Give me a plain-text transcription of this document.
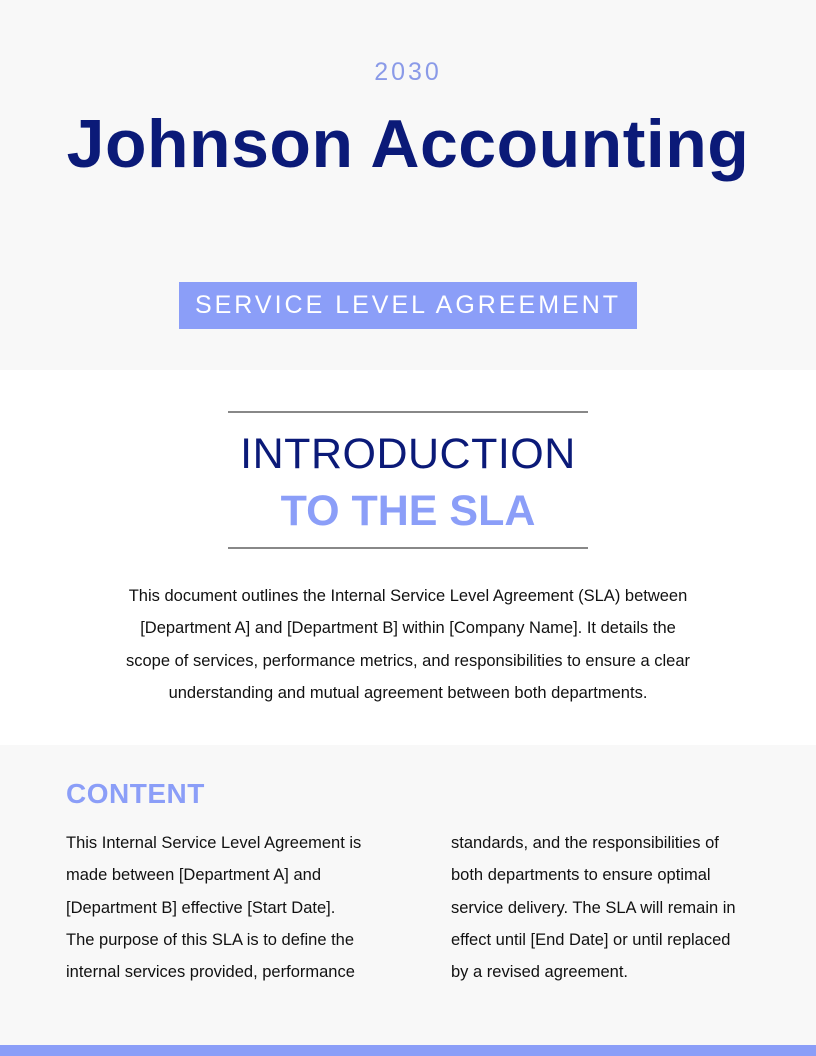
2030
Johnson Accounting
SERVICE LEVEL AGREEMENT
INTRODUCTION
TO THE SLA
This document outlines the Internal Service Level Agreement (SLA) between
[Department A] and [Department B] within [Company Name]. It details the
scope of services, performance metrics, and responsibilities to ensure a clear
understanding and mutual agreement between both departments.
CONTENT
This Internal Service Level Agreement is
made between [Department A] and
[Department B] effective [Start Date].
The purpose of this SLA is to define the
internal services provided, performance
standards, and the responsibilities of
both departments to ensure optimal
service delivery. The SLA will remain in
effect until [End Date] or until replaced
by a revised agreement.
